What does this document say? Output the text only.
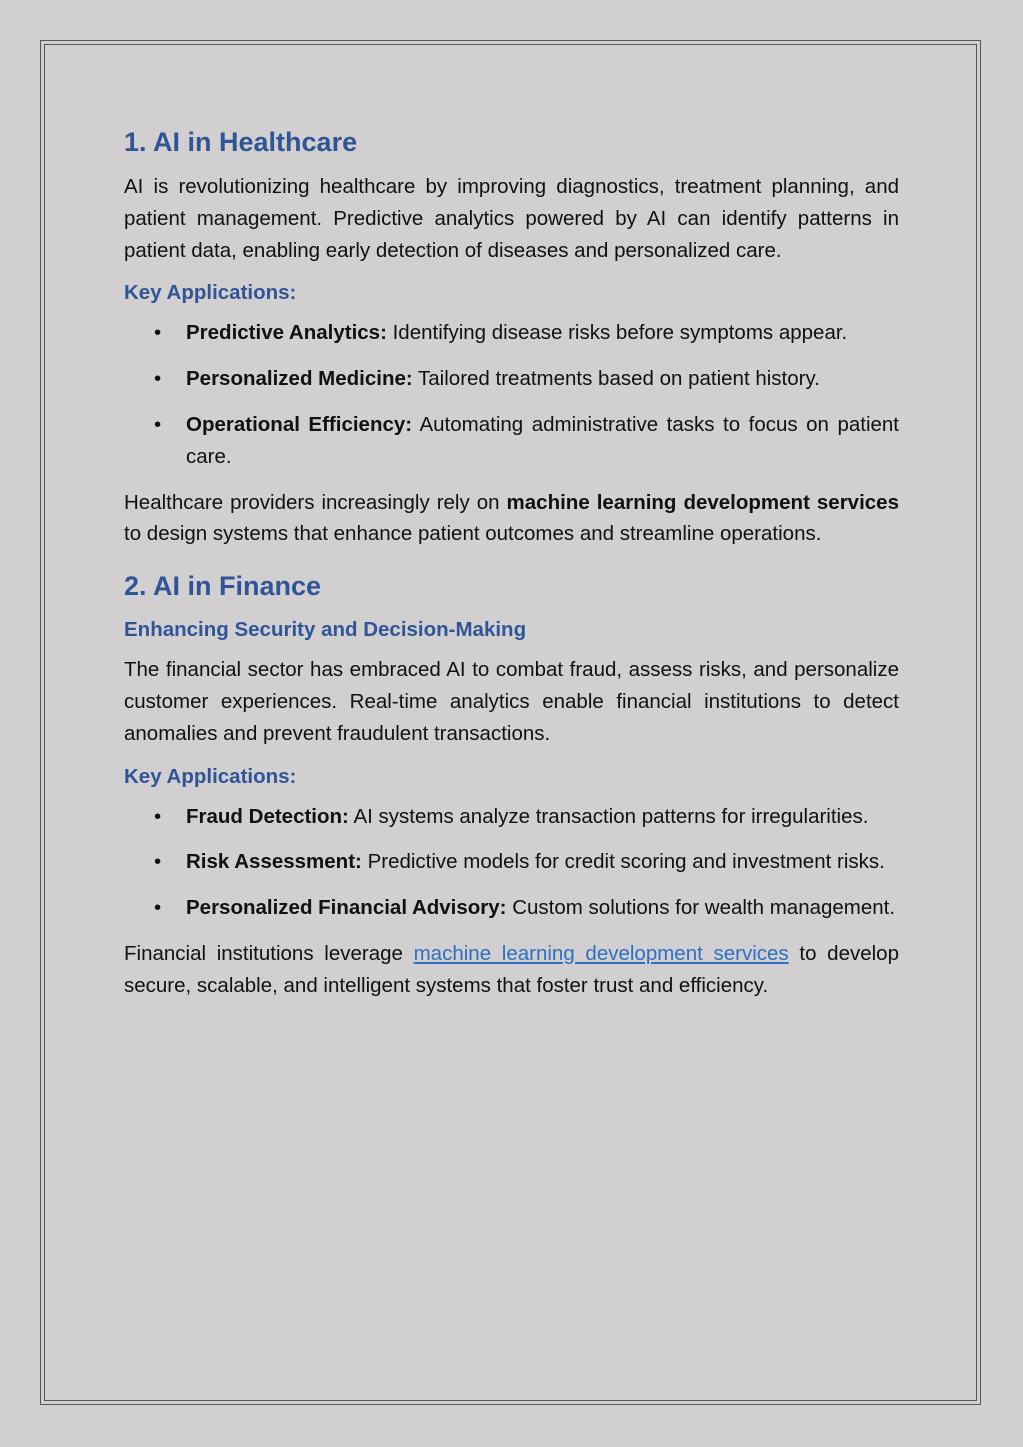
1. AI in Healthcare

AI is revolutionizing healthcare by improving diagnostics, treatment planning, and patient management. Predictive analytics powered by AI can identify patterns in patient data, enabling early detection of diseases and personalized care.

Key Applications:
• Predictive Analytics: Identifying disease risks before symptoms appear.
• Personalized Medicine: Tailored treatments based on patient history.
• Operational Efficiency: Automating administrative tasks to focus on patient care.

Healthcare providers increasingly rely on machine learning development services to design systems that enhance patient outcomes and streamline operations.

2. AI in Finance
Enhancing Security and Decision-Making

The financial sector has embraced AI to combat fraud, assess risks, and personalize customer experiences. Real-time analytics enable financial institutions to detect anomalies and prevent fraudulent transactions.

Key Applications:
• Fraud Detection: AI systems analyze transaction patterns for irregularities.
• Risk Assessment: Predictive models for credit scoring and investment risks.
• Personalized Financial Advisory: Custom solutions for wealth management.

Financial institutions leverage machine learning development services to develop secure, scalable, and intelligent systems that foster trust and efficiency.
